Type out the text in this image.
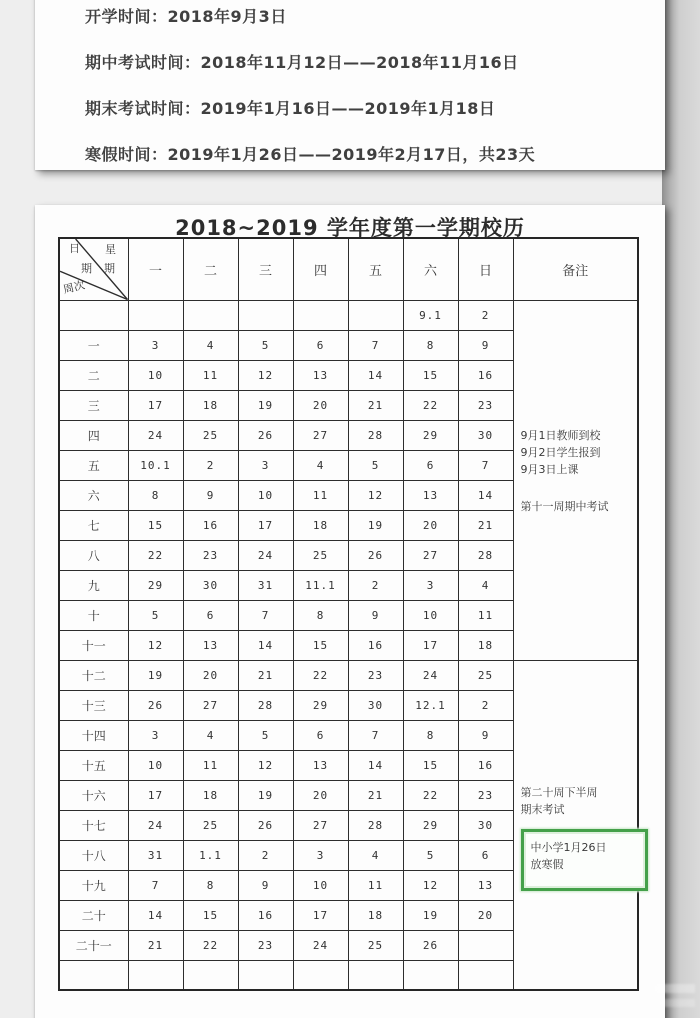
开学时间：2018年9月3日
期中考试时间：2018年11月12日——2018年11月16日
期末考试时间：2019年1月16日——2019年1月18日
寒假时间：2019年1月26日——2019年2月17日，共23天
2018~2019 学年度第一学期校历
日 星
期 期
周次	一	二	三	四	五	六	日	备注
						9.1	2	9月1日教师到校
9月2日学生报到
9月3日上课
第十一周期中考试

一	3	4	5	6	7	8	9	
二	10	11	12	13	14	15	16	
三	17	18	19	20	21	22	23	
四	24	25	26	27	28	29	30	
五	10.1	2	3	4	5	6	7	
六	8	9	10	11	12	13	14	
七	15	16	17	18	19	20	21	
八	22	23	24	25	26	27	28	
九	29	30	31	11.1	2	3	4	
十	5	6	7	8	9	10	11	
十一	12	13	14	15	16	17	18	
十二	19	20	21	22	23	24	25	第二十周下半周
期末考试
中小学1月26日
放寒假

十三	26	27	28	29	30	12.1	2	
十四	3	4	5	6	7	8	9	
十五	10	11	12	13	14	15	16	
十六	17	18	19	20	21	22	23	
十七	24	25	26	27	28	29	30	
十八	31	1.1	2	3	4	5	6	
十九	7	8	9	10	11	12	13	
二十	14	15	16	17	18	19	20	
二十一	21	22	23	24	25	26		
